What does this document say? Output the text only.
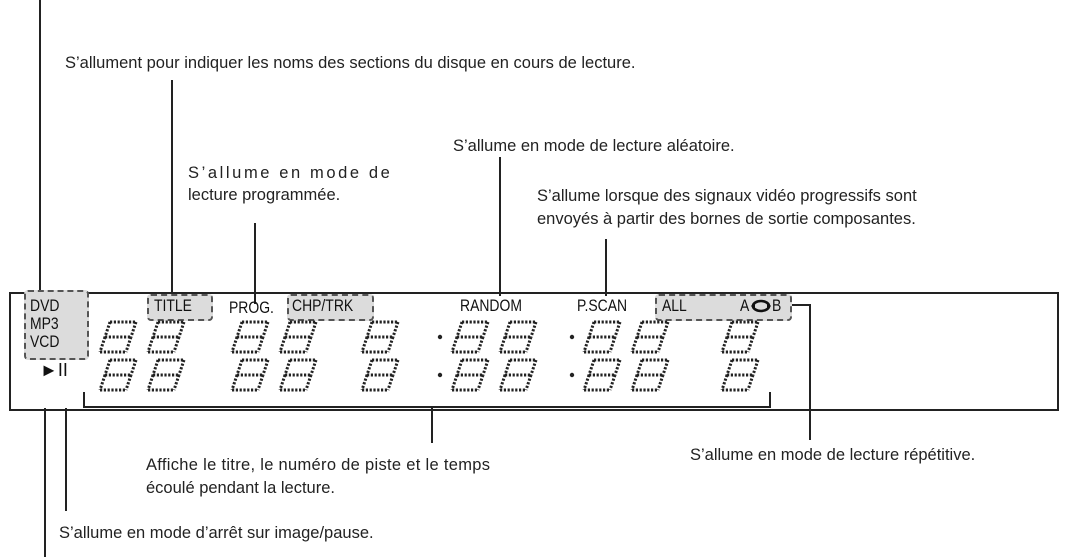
S’allument pour indiquer les noms des sections du disque en cours de lecture.
S’allume en mode de lecture aléatoire.
S’allume en mode de
lecture programmée.	S’allume lorsque des signaux vidéo progressifs sont
envoyés à partir des bornes de sortie composantes.
Affiche le titre, le numéro de piste et le temps
écoulé pendant la lecture.
S’allume en mode de lecture répétitive.
S’allume en mode d’arrêt sur image/pause.
DVD
MP3
VCD
TITLE PROG. CHP/TRK	RANDOM	P.SCAN ALL	A B
►II
